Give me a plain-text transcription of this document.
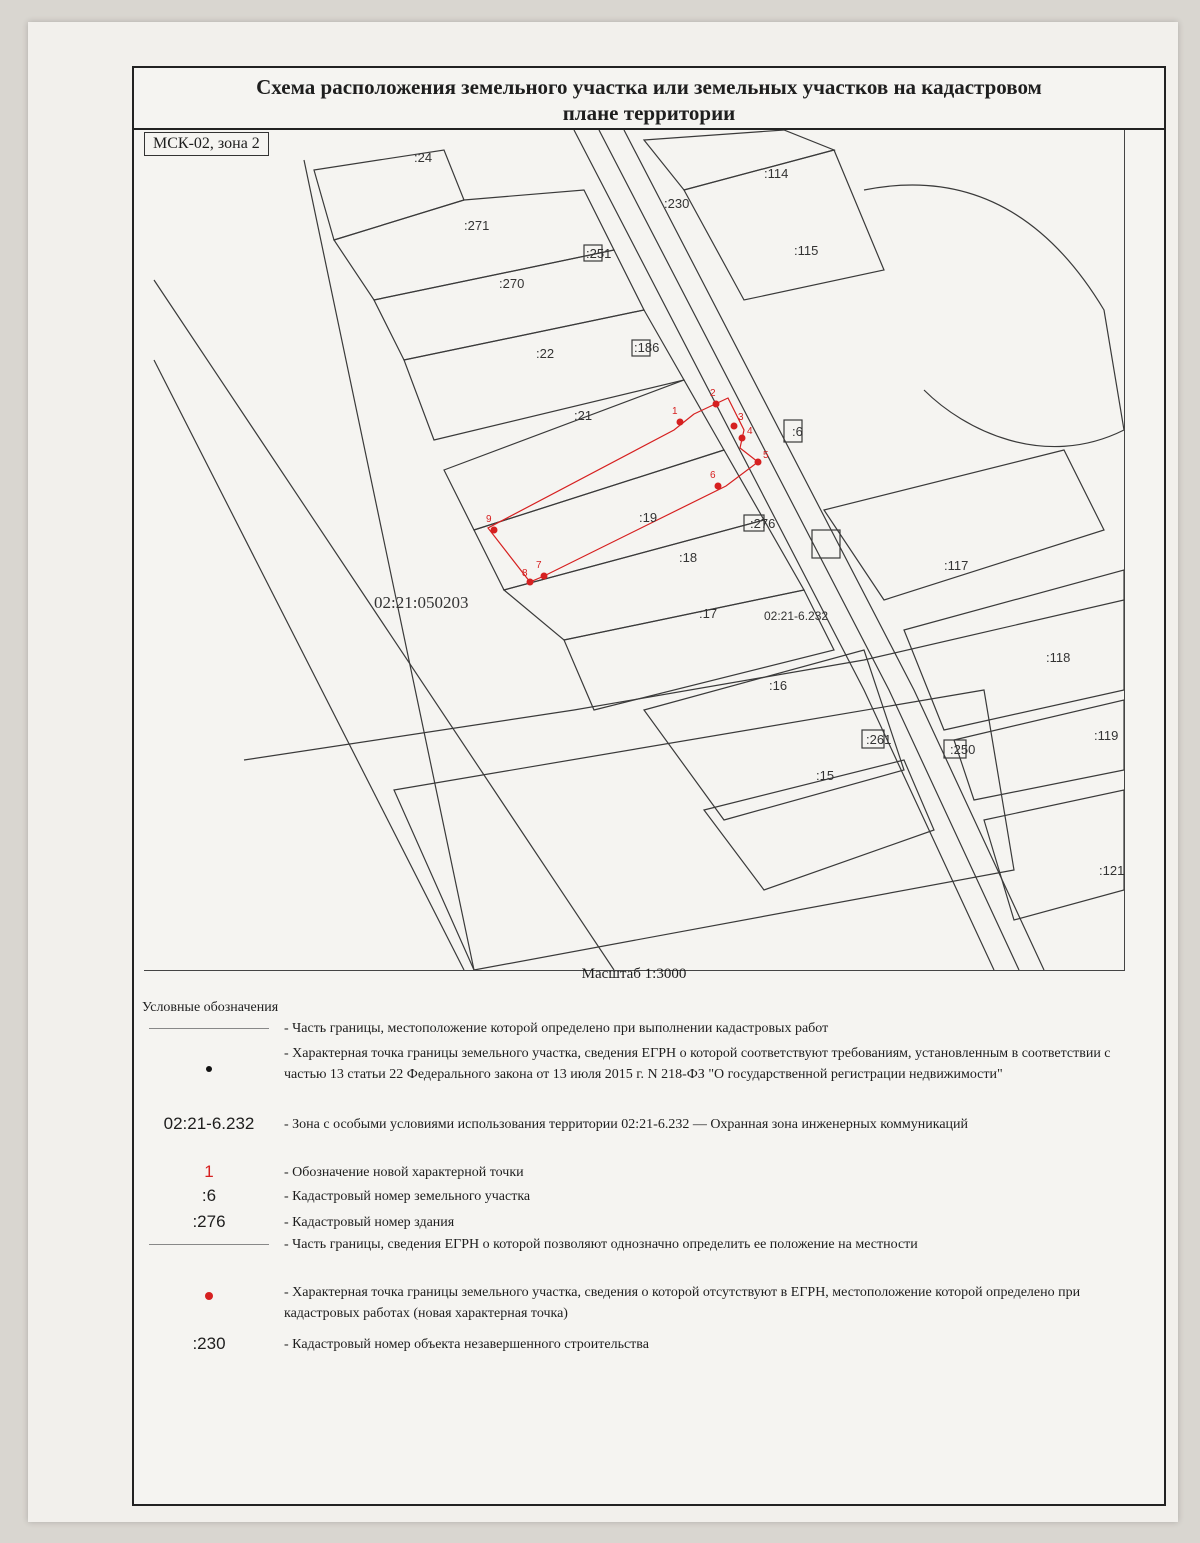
Схема расположения земельного участка или земельных участков на кадастровом
плане территории
:24
:271
:270
:22
:21
:19
:18
:17
:16
:15
:114
:115
:117
:118
:119
:121
:6
:276
:261
:250
:251
:186
:230
02:21-6.232
02:21:050203
1
2
3
4
5
6
7
8
9
МСК-02, зона 2
Масштаб 1:3000
Условные обозначения
- Часть границы, местоположение которой определено при выполнении кадастровых работ
- Характерная точка границы земельного участка, сведения ЕГРН о которой соответствуют требованиям, установленным в соответствии с частью 13 статьи 22 Федерального закона от 13 июля 2015 г. N 218-ФЗ "О государственной регистрации недвижимости"
02:21-6.232	- Зона с особыми условиями использования территории 02:21-6.232 — Охранная зона инженерных коммуникаций
1	- Обозначение новой характерной точки
:6	- Кадастровый номер земельного участка
:276	- Кадастровый номер здания
- Часть границы, сведения ЕГРН о которой позволяют однозначно определить ее положение на местности
- Характерная точка границы земельного участка, сведения о которой отсутствуют в ЕГРН, местоположение которой определено при кадастровых работах (новая характерная точка)
:230	- Кадастровый номер объекта незавершенного строительства
